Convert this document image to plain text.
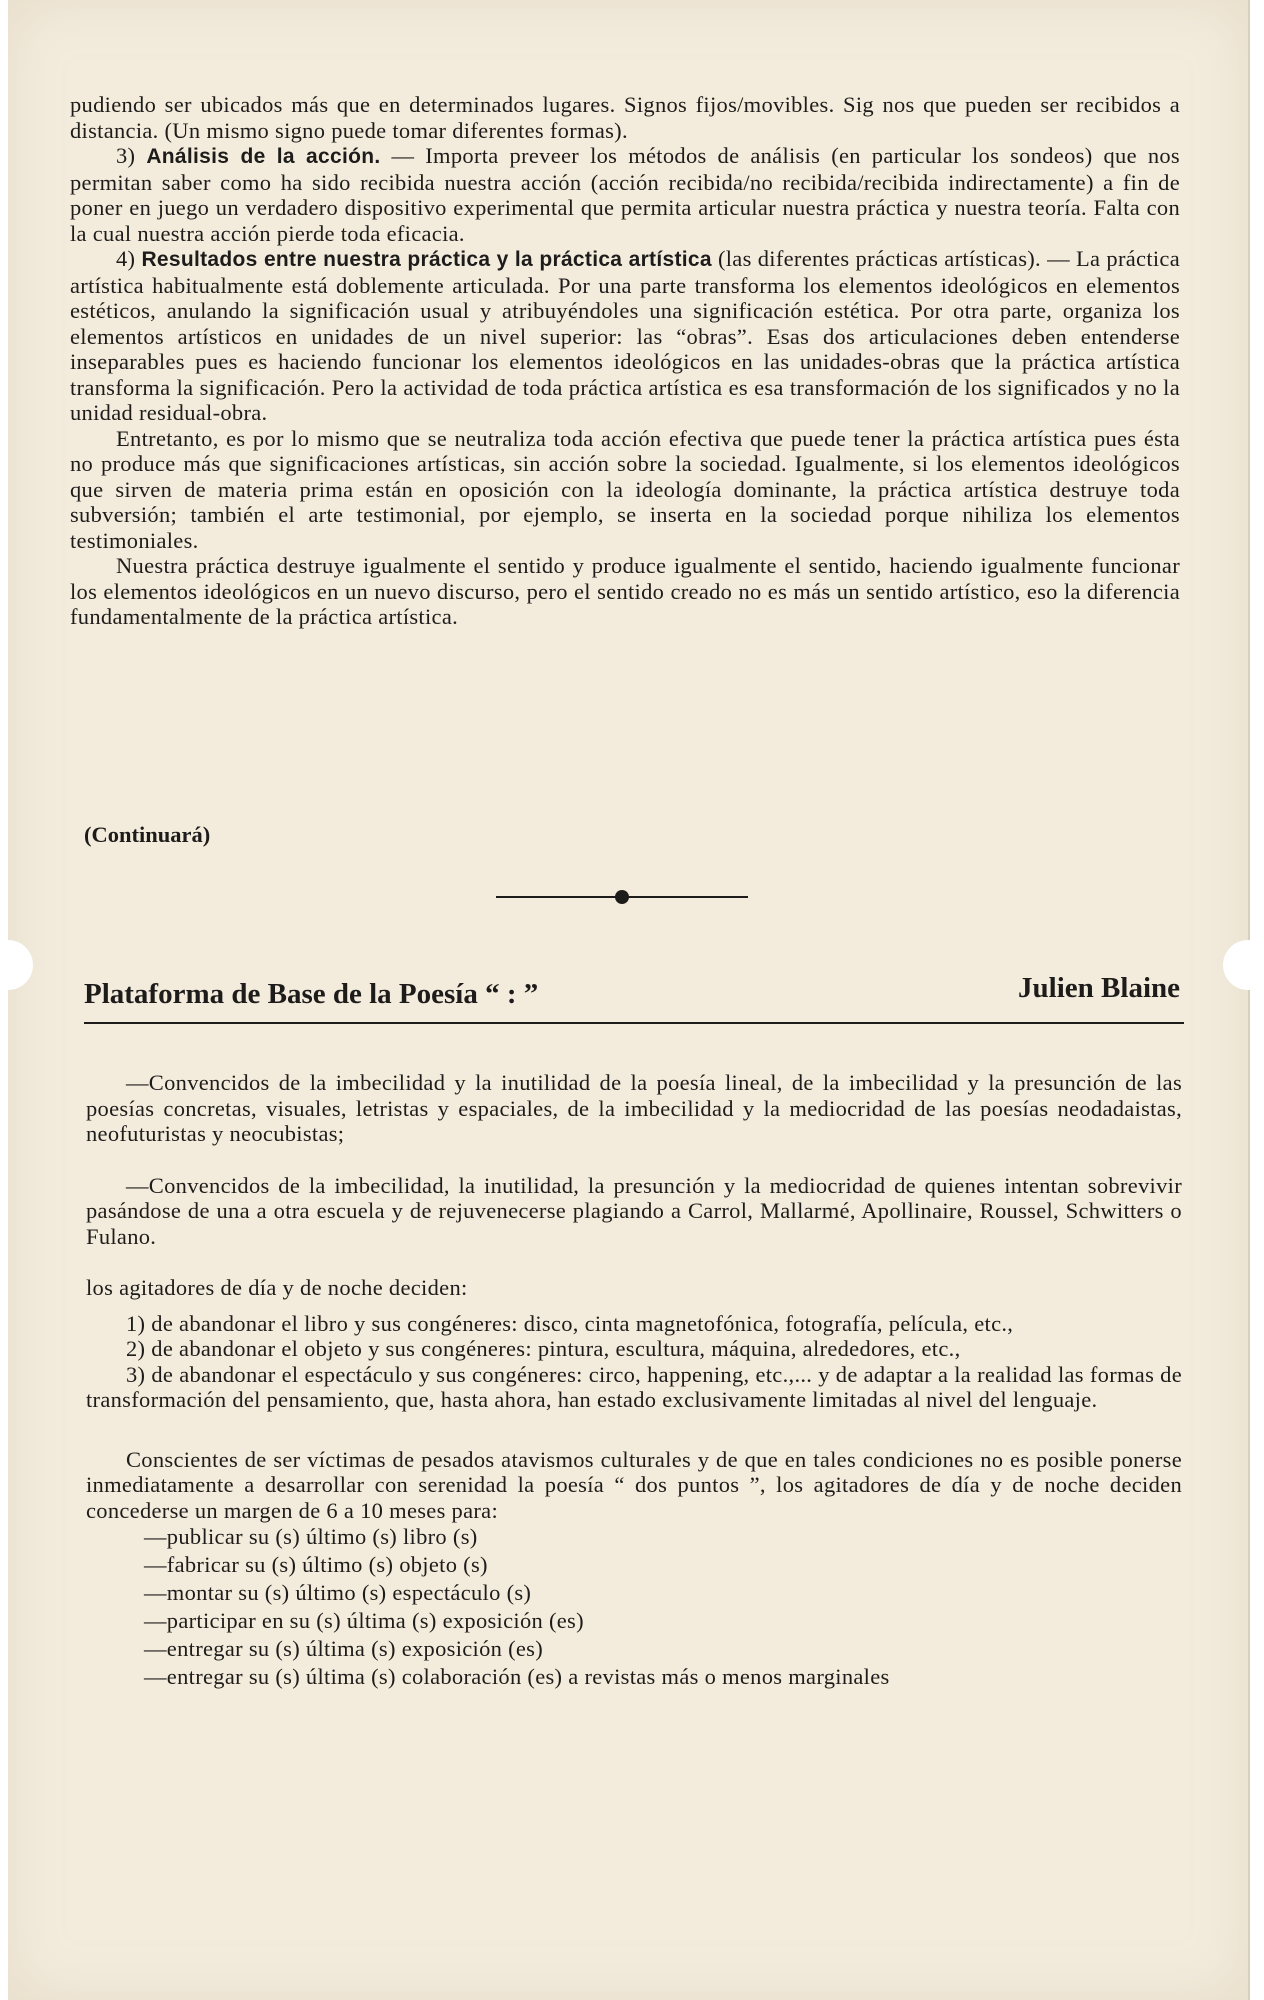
pudiendo ser ubicados más que en determinados lugares. Signos fijos/movibles. Sig nos que pueden ser recibidos a distancia. (Un mismo signo puede tomar diferentes formas).

3) Análisis de la acción. — Importa preveer los métodos de análisis (en particular los sondeos) que nos permitan saber como ha sido recibida nuestra acción (acción recibida/no recibida/recibida indirectamente) a fin de poner en juego un verdadero dispositivo experimental que permita articular nuestra práctica y nuestra teoría. Falta con la cual nuestra acción pierde toda eficacia.

4) Resultados entre nuestra práctica y la práctica artística (las diferentes prácticas artísticas). — La práctica artística habitualmente está doblemente articulada. Por una parte transforma los elementos ideológicos en elementos estéticos, anulando la significación usual y atribuyéndoles una significación estética. Por otra parte, organiza los elementos artísticos en unidades de un nivel superior: las “obras”. Esas dos articulaciones deben entenderse inseparables pues es haciendo funcionar los elementos ideológicos en las unidades-obras que la práctica artística transforma la significación. Pero la actividad de toda práctica artística es esa transformación de los significados y no la unidad residual-obra.

Entretanto, es por lo mismo que se neutraliza toda acción efectiva que puede tener la práctica artística pues ésta no produce más que significaciones artísticas, sin acción sobre la sociedad. Igualmente, si los elementos ideológicos que sirven de materia prima están en oposición con la ideología dominante, la práctica artística destruye toda subversión; también el arte testimonial, por ejemplo, se inserta en la sociedad porque nihiliza los elementos testimoniales.

Nuestra práctica destruye igualmente el sentido y produce igualmente el sentido, haciendo igualmente funcionar los elementos ideológicos en un nuevo discurso, pero el sentido creado no es más un sentido artístico, eso la diferencia fundamentalmente de la práctica artística.

(Continuará)
Plataforma de Base de la Poesía “ : ”	Julien Blaine

—Convencidos de la imbecilidad y la inutilidad de la poesía lineal, de la imbecilidad y la presunción de las poesías concretas, visuales, letristas y espaciales, de la imbecilidad y la mediocridad de las poesías neodadaistas, neofuturistas y neocubistas;

—Convencidos de la imbecilidad, la inutilidad, la presunción y la mediocridad de quienes intentan sobrevivir pasándose de una a otra escuela y de rejuvenecerse plagiando a Carrol, Mallarmé, Apollinaire, Roussel, Schwitters o Fulano.

los agitadores de día y de noche deciden:

1) de abandonar el libro y sus congéneres: disco, cinta magnetofónica, fotografía, película, etc.,

2) de abandonar el objeto y sus congéneres: pintura, escultura, máquina, alrededores, etc.,

3) de abandonar el espectáculo y sus congéneres: circo, happening, etc.,... y de adaptar a la realidad las formas de transformación del pensamiento, que, hasta ahora, han estado exclusivamente limitadas al nivel del lenguaje.

Conscientes de ser víctimas de pesados atavismos culturales y de que en tales condiciones no es posible ponerse inmediatamente a desarrollar con serenidad la poesía “ dos puntos ”, los agitadores de día y de noche deciden concederse un margen de 6 a 10 meses para:

—publicar su (s) último (s) libro (s)
—fabricar su (s) último (s) objeto (s)
—montar su (s) último (s) espectáculo (s)
—participar en su (s) última (s) exposición (es)
—entregar su (s) última (s) exposición (es)
—entregar su (s) última (s) colaboración (es) a revistas más o menos marginales
